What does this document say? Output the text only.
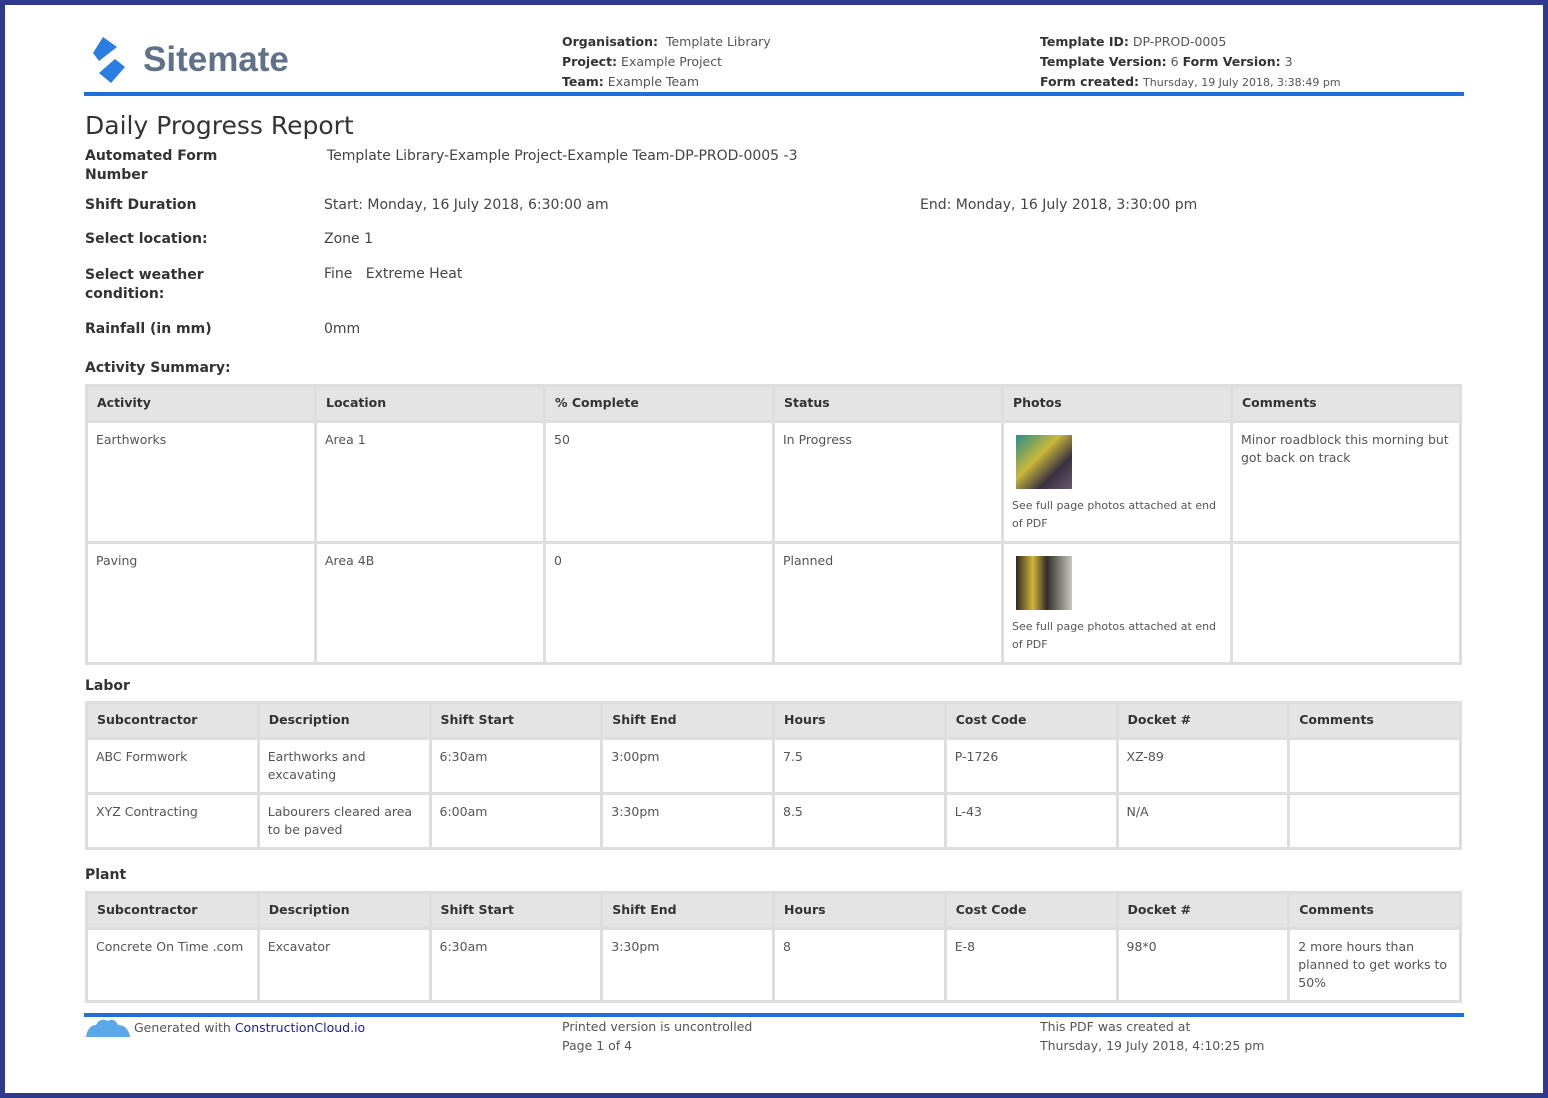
Sitemate	Organisation: Template Library
Project: Example Project
Team: Example Team
Template ID: DP-PROD-0005
Template Version: 6 Form Version: 3
Form created: Thursday, 19 July 2018, 3:38:49 pm
Daily Progress Report
Automated Form Number
Template Library-Example Project-Example Team-DP-PROD-0005 -3
Shift Duration	Start: Monday, 16 July 2018, 6:30:00 am	End: Monday, 16 July 2018, 3:30:00 pm
Select location:	Zone 1
Select weather condition:
Fine   Extreme Heat
Rainfall (in mm)	0mm
Activity Summary:
Activity	Location	% Complete	Status	Photos	Comments
Earthworks	Area 1	50	In Progress	See full page photos attached at end of PDF	Minor roadblock this morning but got back on track
Paving	Area 4B	0	Planned	See full page photos attached at end of PDF	

Labor
Subcontractor	Description	Shift Start	Shift End	Hours	Cost Code	Docket #	Comments
ABC Formwork	Earthworks and excavating	6:30am	3:00pm	7.5	P-1726	XZ-89	
XYZ Contracting	Labourers cleared area to be paved	6:00am	3:30pm	8.5	L-43	N/A	
Plant
Subcontractor	Description	Shift Start	Shift End	Hours	Cost Code	Docket #	Comments
Concrete On Time .com	Excavator	6:30am	3:30pm	8	E-8	98*0	2 more hours than planned to get works to 50%
Generated with ConstructionCloud.io	Printed version is uncontrolled
Page 1 of 4
This PDF was created at
Thursday, 19 July 2018, 4:10:25 pm
